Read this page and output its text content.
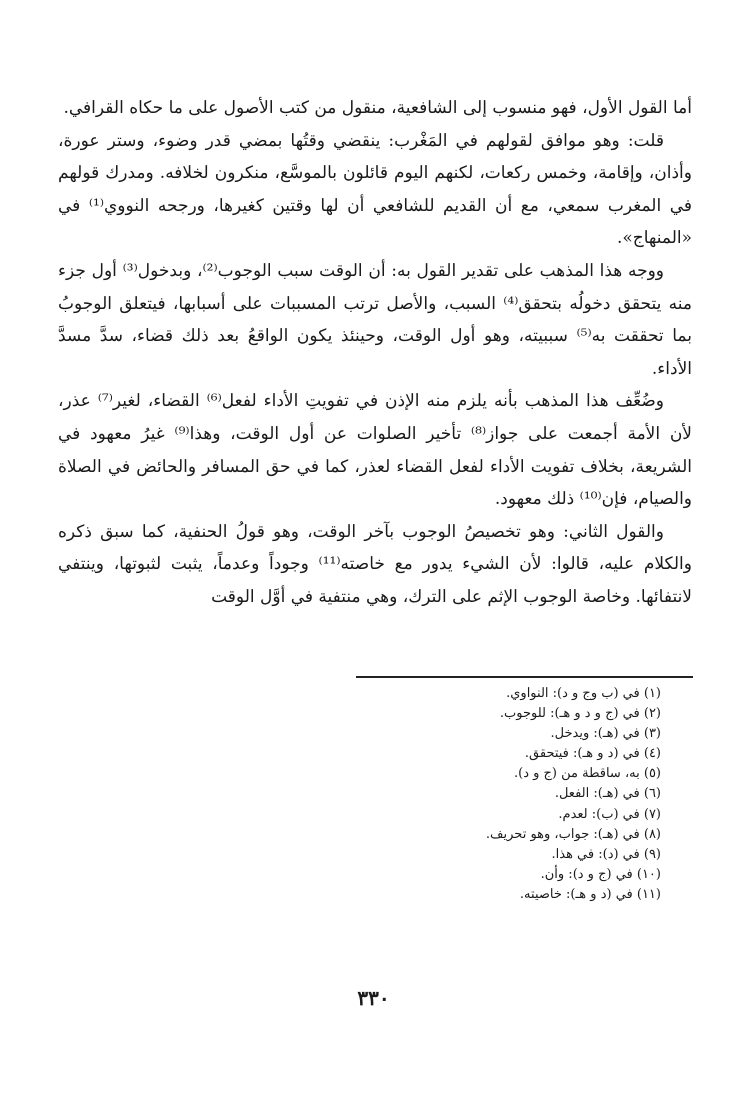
أما القول الأول، فهو منسوب إلى الشافعية، منقول من كتب الأصول على ما حكاه القرافي.

قلت: وهو موافق لقولهم في المَغْرب: ينقضي وقتُها بمضي قدر وضوء، وستر عورة، وأذان، وإقامة، وخمس ركعات، لكنهم اليوم قائلون بالموسَّع، منكرون لخلافه. ومدرك قولهم في المغرب سمعي، مع أن القديم للشافعي أن لها وقتين كغيرها، ورجحه النووي⁽¹⁾ في «المنهاج».

ووجه هذا المذهب على تقدير القول به: أن الوقت سبب الوجوب⁽²⁾، وبدخول⁽³⁾ أول جزء منه يتحقق دخولُه بتحقق⁽⁴⁾ السبب، والأصل ترتب المسببات على أسبابها، فيتعلق الوجوبُ بما تحققت به⁽⁵⁾ سببيته، وهو أول الوقت، وحينئذ يكون الواقعُ بعد ذلك قضاء، سدَّ مسدَّ الأداء.

وضُعِّف هذا المذهب بأنه يلزم منه الإذن في تفويتِ الأداء لفعل⁽⁶⁾ القضاء، لغير⁽⁷⁾ عذر، لأن الأمة أجمعت على جواز⁽⁸⁾ تأخير الصلوات عن أول الوقت، وهذا⁽⁹⁾ غيرُ معهود في الشريعة، بخلاف تفويت الأداء لفعل القضاء لعذر، كما في حق المسافر والحائض في الصلاة والصيام، فإن⁽¹⁰⁾ ذلك معهود.

والقول الثاني: وهو تخصيصُ الوجوب بآخر الوقت، وهو قولُ الحنفية، كما سبق ذكره والكلام عليه، قالوا: لأن الشيء يدور مع خاصته⁽¹¹⁾ وجوداً وعدماً، يثبت لثبوتها، وينتفي لانتفائها. وخاصة الوجوب الإثم على الترك، وهي منتفية في أوَّل الوقت

(١) في (ب وج و د): النواوي.
(٢) في (ج و د و هـ): للوجوب.
(٣) في (هـ): ويدخل.
(٤) في (د و هـ): فيتحقق.
(٥) به، ساقطة من (ج و د).
(٦) في (هـ): الفعل.
(٧) في (ب): لعدم.
(٨) في (هـ): جواب، وهو تحريف.
(٩) في (د): في هذا.
(١٠) في (ج و د): وأن.
(١١) في (د و هـ): خاصيته.
٣٣٠
